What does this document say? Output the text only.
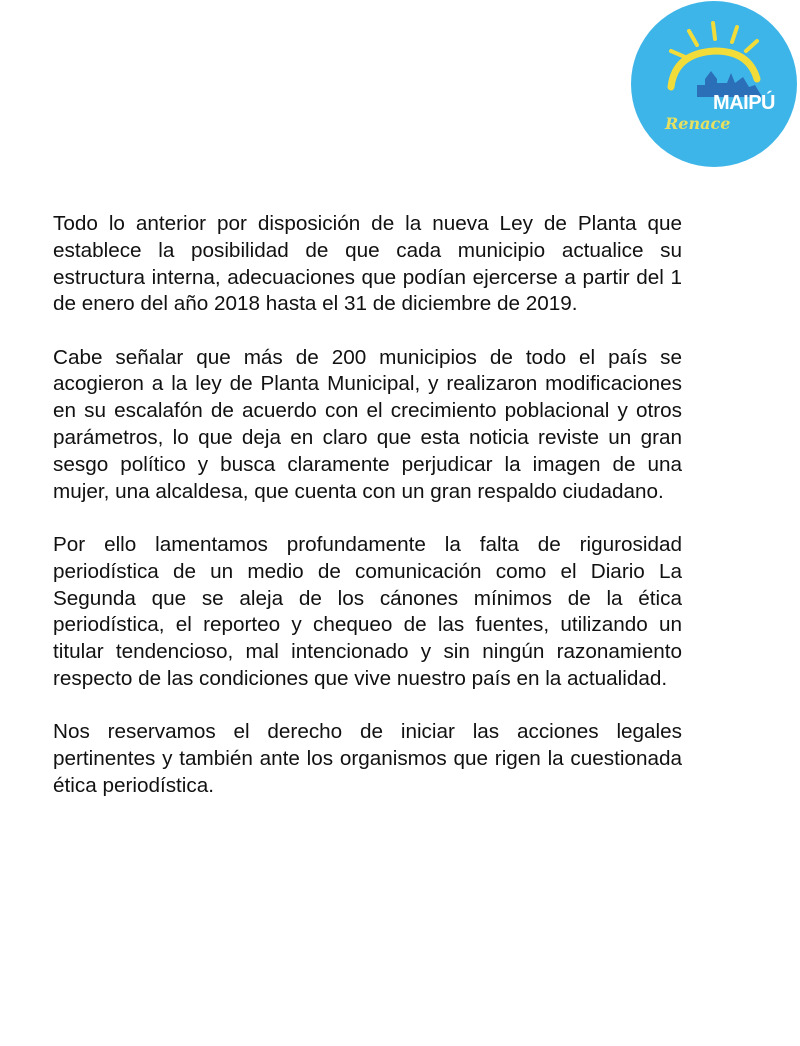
MAIPÚ
Renace

Todo lo anterior por disposición de la nueva Ley de Planta que establece la posibilidad de que cada municipio actualice su estructura interna, adecuaciones que podían ejercerse a partir del 1 de enero del año 2018 hasta el 31 de diciembre de 2019.

Cabe señalar que más de 200 municipios de todo el país se acogieron a la ley de Planta Municipal, y realizaron modificaciones en su escalafón de acuerdo con el crecimiento poblacional y otros parámetros, lo que deja en claro que esta noticia reviste un gran sesgo político y busca claramente perjudicar la imagen de una mujer, una alcaldesa, que cuenta con un gran respaldo ciudadano.

Por ello lamentamos profundamente la falta de rigurosidad periodística de un medio de comunicación como el Diario La Segunda que se aleja de los cánones mínimos de la ética periodística, el reporteo y chequeo de las fuentes, utilizando un titular tendencioso, mal intencionado y sin ningún razonamiento respecto de las condiciones que vive nuestro país en la actualidad.

Nos reservamos el derecho de iniciar las acciones legales pertinentes y también ante los organismos que rigen la cuestionada ética periodística.
